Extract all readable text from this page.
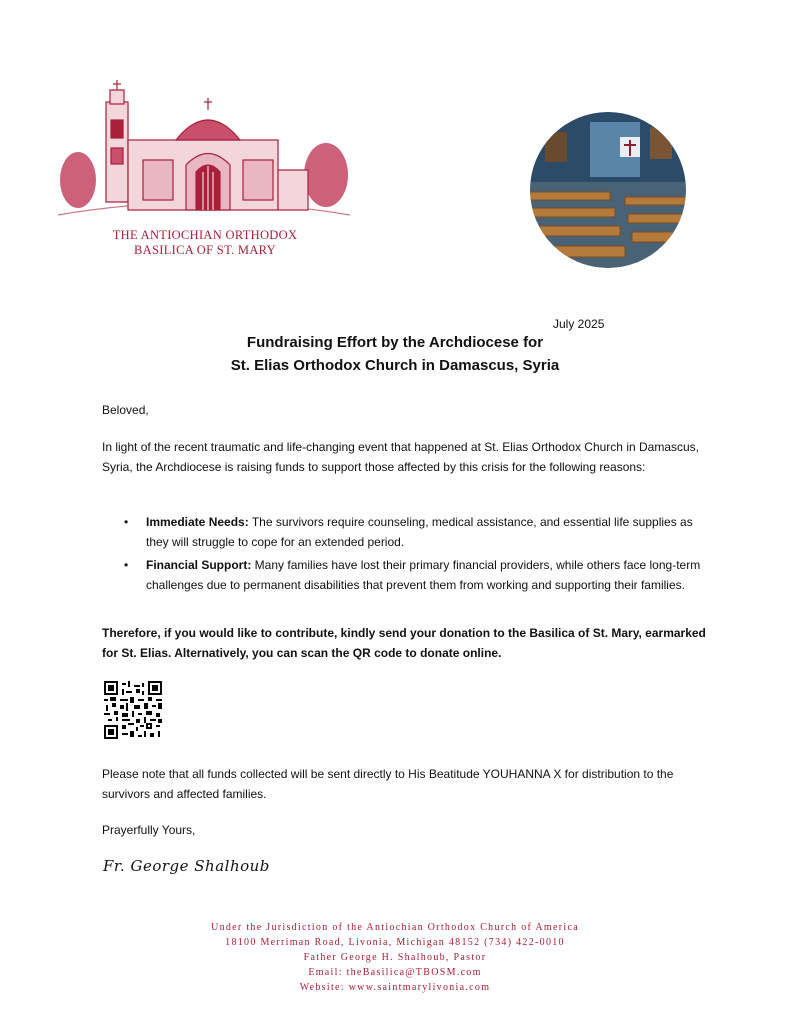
THE ANTIOCHIAN ORTHODOX
BASILICA OF ST. MARY
July 2025
Fundraising Effort by the Archdiocese for
St. Elias Orthodox Church in Damascus, Syria
Beloved,
In light of the recent traumatic and life-changing event that happened at St. Elias Orthodox Church in Damascus, Syria, the Archdiocese is raising funds to support those affected by this crisis for the following reasons:
• Immediate Needs: The survivors require counseling, medical assistance, and essential life supplies as they will struggle to cope for an extended period.
• Financial Support: Many families have lost their primary financial providers, while others face long-term challenges due to permanent disabilities that prevent them from working and supporting their families.
Therefore, if you would like to contribute, kindly send your donation to the Basilica of St. Mary, earmarked for St. Elias. Alternatively, you can scan the QR code to donate online.
Please note that all funds collected will be sent directly to His Beatitude YOUHANNA X for distribution to the survivors and affected families.
Prayerfully Yours,
Fr. George Shalhoub
Under the Jurisdiction of the Antiochian Orthodox Church of America
18100 Merriman Road, Livonia, Michigan 48152 (734) 422-0010
Father George H. Shalhoub, Pastor
Email: theBasilica@TBOSM.com
Website: www.saintmarylivonia.com
